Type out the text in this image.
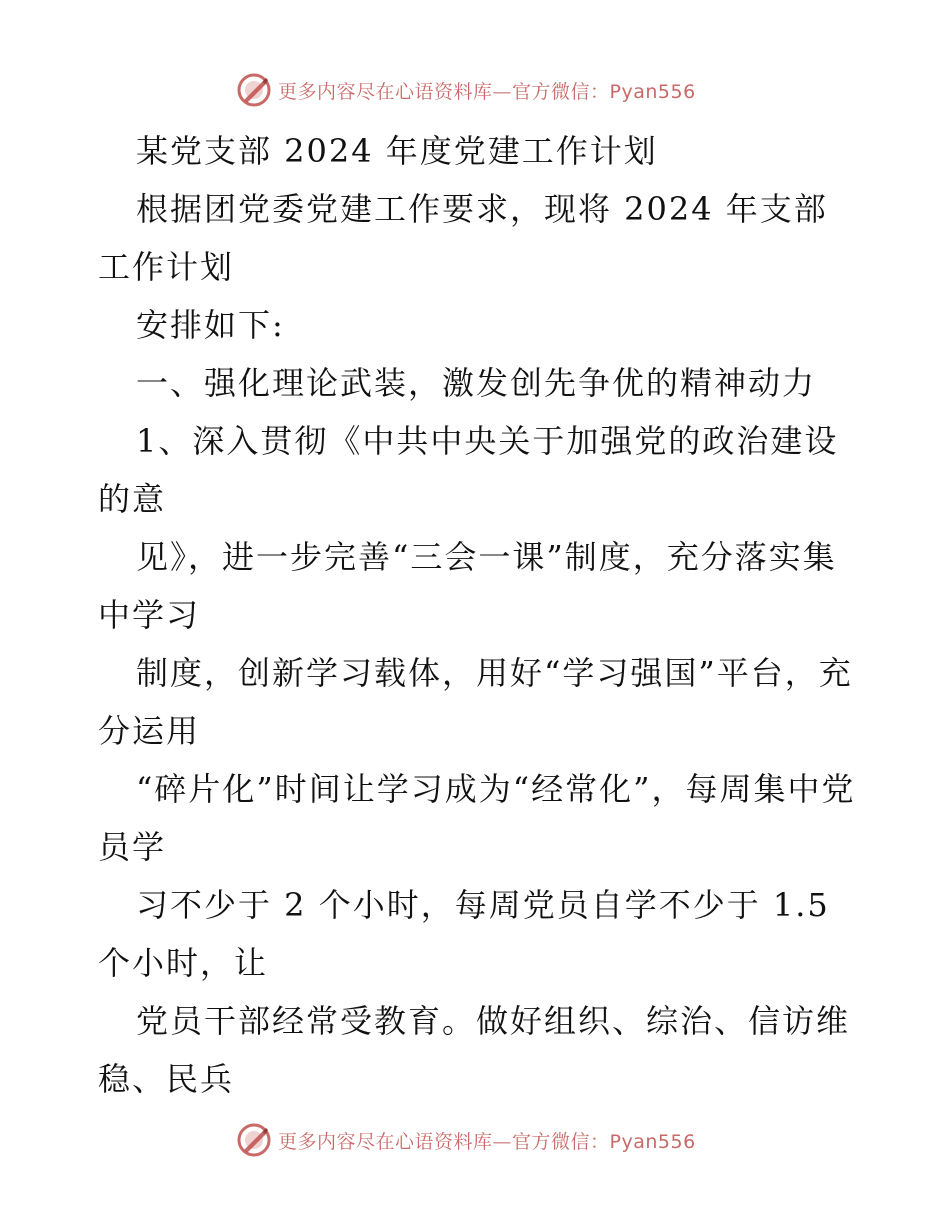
更多内容尽在心语资料库—官方微信：Pyan556

某党支部 2024 年度党建工作计划

根据团党委党建工作要求，现将 2024 年支部工作计划

安排如下:

一、强化理论武装，激发创先争优的精神动力

1、深入贯彻《中共中央关于加强党的政治建设的意

见》，进一步完善“三会一课”制度，充分落实集中学习

制度，创新学习载体，用好“学习强国”平台，充分运用

“碎片化”时间让学习成为“经常化”，每周集中党员学

习不少于 2 个小时，每周党员自学不少于 1.5 个小时，让

党员干部经常受教育。做好组织、综治、信访维稳、民兵

更多内容尽在心语资料库—官方微信：Pyan556
